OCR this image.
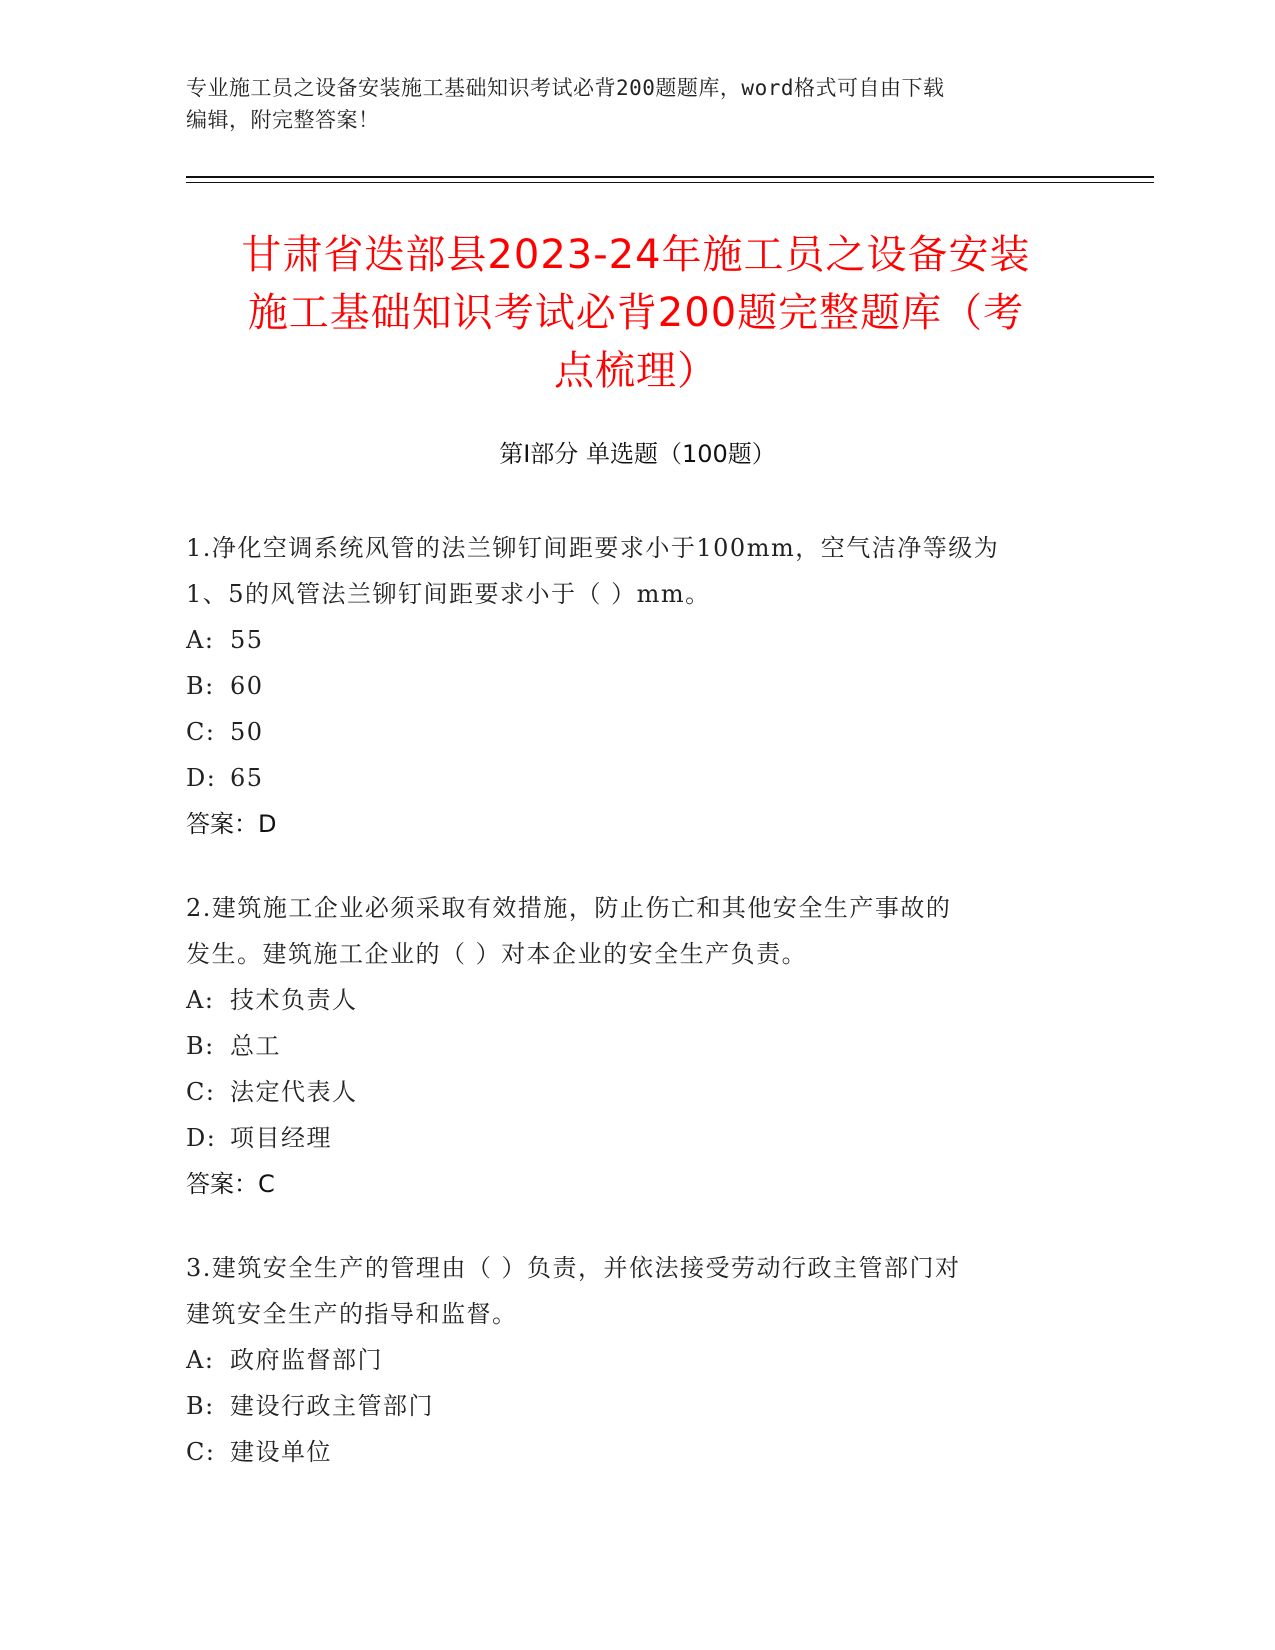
专业施工员之设备安装施工基础知识考试必背200题题库，word格式可自由下载
编辑，附完整答案！
甘肃省迭部县2023-24年施工员之设备安装
施工基础知识考试必背200题完整题库（考
点梳理）
第Ⅰ部分 单选题（100题）
1.净化空调系统风管的法兰铆钉间距要求小于100mm，空气洁净等级为
1、5的风管法兰铆钉间距要求小于（ ）mm。
A: 55
B: 60
C: 50
D: 65
答案：D
2.建筑施工企业必须采取有效措施，防止伤亡和其他安全生产事故的
发生。建筑施工企业的（ ）对本企业的安全生产负责。
A: 技术负责人
B: 总工
C: 法定代表人
D: 项目经理
答案：C
3.建筑安全生产的管理由（ ）负责，并依法接受劳动行政主管部门对
建筑安全生产的指导和监督。
A: 政府监督部门
B: 建设行政主管部门
C: 建设单位
